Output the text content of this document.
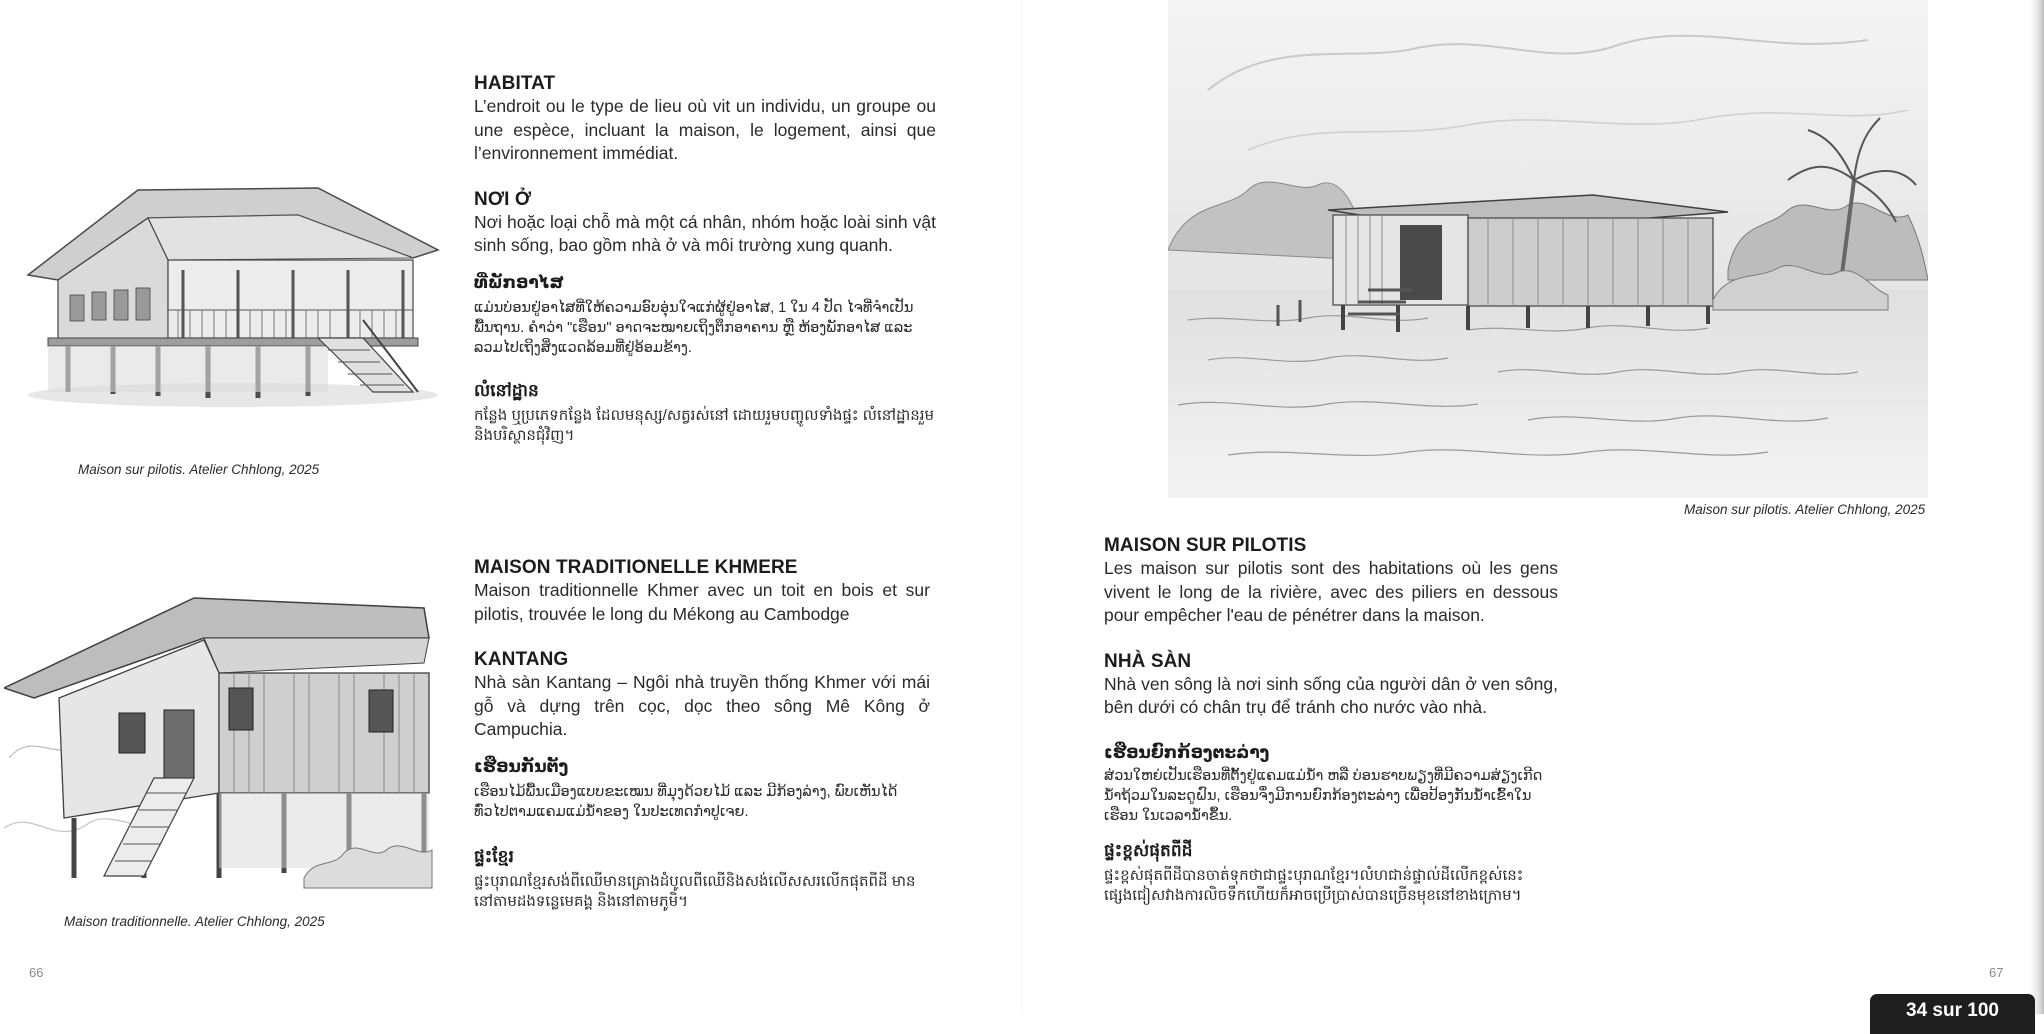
Maison sur pilotis. Atelier Chhlong, 2025
Maison traditionnelle. Atelier Chhlong, 2025
HABITAT
L’endroit ou le type de lieu où vit un individu, un groupe ou une espèce, incluant la maison, le logement, ainsi que l’environnement immédiat.
NƠI Ở
Nơi hoặc loại chỗ mà một cá nhân, nhóm hoặc loài sinh vật sinh sống, bao gồm nhà ở và môi trường xung quanh.
ທີ່ພັກອາໄສ
ແມ່ນບ່ອນຢູ່ອາໄສທີ່ໃຫ້ຄວາມອົບອຸ່ນໃຈແກ່ຜູ້ຢູ່ອາໄສ, 1 ໃນ 4 ປັດ ໄຈທີ່ຈຳເປັນພື້ນຖານ. ຄຳວ່າ "ເຮືອນ" ອາດຈະໝາຍເຖິງຕຶກອາຄານ ຫຼື ຫ້ອງພັກອາໄສ ແລະ ລວມໄປເຖິງສິ່ງແວດລ້ອມທີ່ຢູ່ອ້ອມຂ້າງ.
លំនៅដ្ឋាន
កន្លែង ឬប្រភេទកន្លែង ដែលមនុស្ស/សត្វរស់នៅ ដោយរួមបញ្ចូលទាំងផ្ទះ លំនៅដ្ឋានរួម និងបរិស្ថានជុំវិញ។
MAISON TRADITIONELLE KHMERE
Maison traditionnelle Khmer avec un toit en bois et sur pilotis, trouvée le long du Mékong au Cambodge
KANTANG
Nhà sàn Kantang – Ngôi nhà truyền thống Khmer với mái gỗ và dựng trên cọc, dọc theo sông Mê Kông ở Campuchia.
ເຮືອນກັນຕັງ
ເຮືອນໄມ້ພື້ນເມືອງແບບຂະເໝນ ທີ່ມຸງດ້ວຍໄມ້ ແລະ ມີກ້ອງລ່າງ, ພົບເຫັນໄດ້ທົ່ວໄປຕາມແຄມແມ່ນ້ຳຂອງ ໃນປະເທດກຳປູເຈຍ.
ផ្ទះខ្មែរ
ផ្ទះបុរាណខ្មែរសង់ពីឈើមានគ្រោងដំបូលពីឈើនិងសង់លើសសរលើកផុតពីដី មាននៅតាមដងទន្លេមេគង្គ និងនៅតាមភូមិ។
66
Maison sur pilotis. Atelier Chhlong, 2025
MAISON SUR PILOTIS
Les maison sur pilotis sont des habitations où les gens vivent le long de la rivière, avec des piliers en dessous pour empêcher l'eau de pénétrer dans la maison.
NHÀ SÀN
Nhà ven sông là nơi sinh sống của người dân ở ven sông, bên dưới có chân trụ để tránh cho nước vào nhà.
ເຮືອນຍົກກ້ອງຕະລ່າງ
ສ່ວນໃຫຍ່ເປັນເຮືອນທີ່ຕັ້ງຢູ່ແຄມແມ່ນ້ຳ ຫລື ບ່ອນຮາບພຽງທີ່ມີຄວາມສ່ຽງເກີດນ້ຳຖ້ວມໃນລະດູຝົນ, ເຮືອນຈຶ່ງມີການຍົກກ້ອງຕະລ່າງ ເພື່ອປ້ອງກັນນ້ຳເຂົ້າໃນເຮືອນ ໃນເວລານ້ຳຂຶ້ນ.
ផ្ទះខ្ពស់ផុតពីដី
ផ្ទះខ្ពស់ផុតពីដីបានចាត់ទុកថាជាផ្ទះបុរាណខ្មែរ។លំហជាន់ផ្ទាល់ដីលើកខ្ពស់នេះផ្សេងជៀសវាងការលិចទឹកហើយក៏អាចប្រើប្រាស់បានច្រើនមុខនៅខាងក្រោម។
67
34 sur 100
